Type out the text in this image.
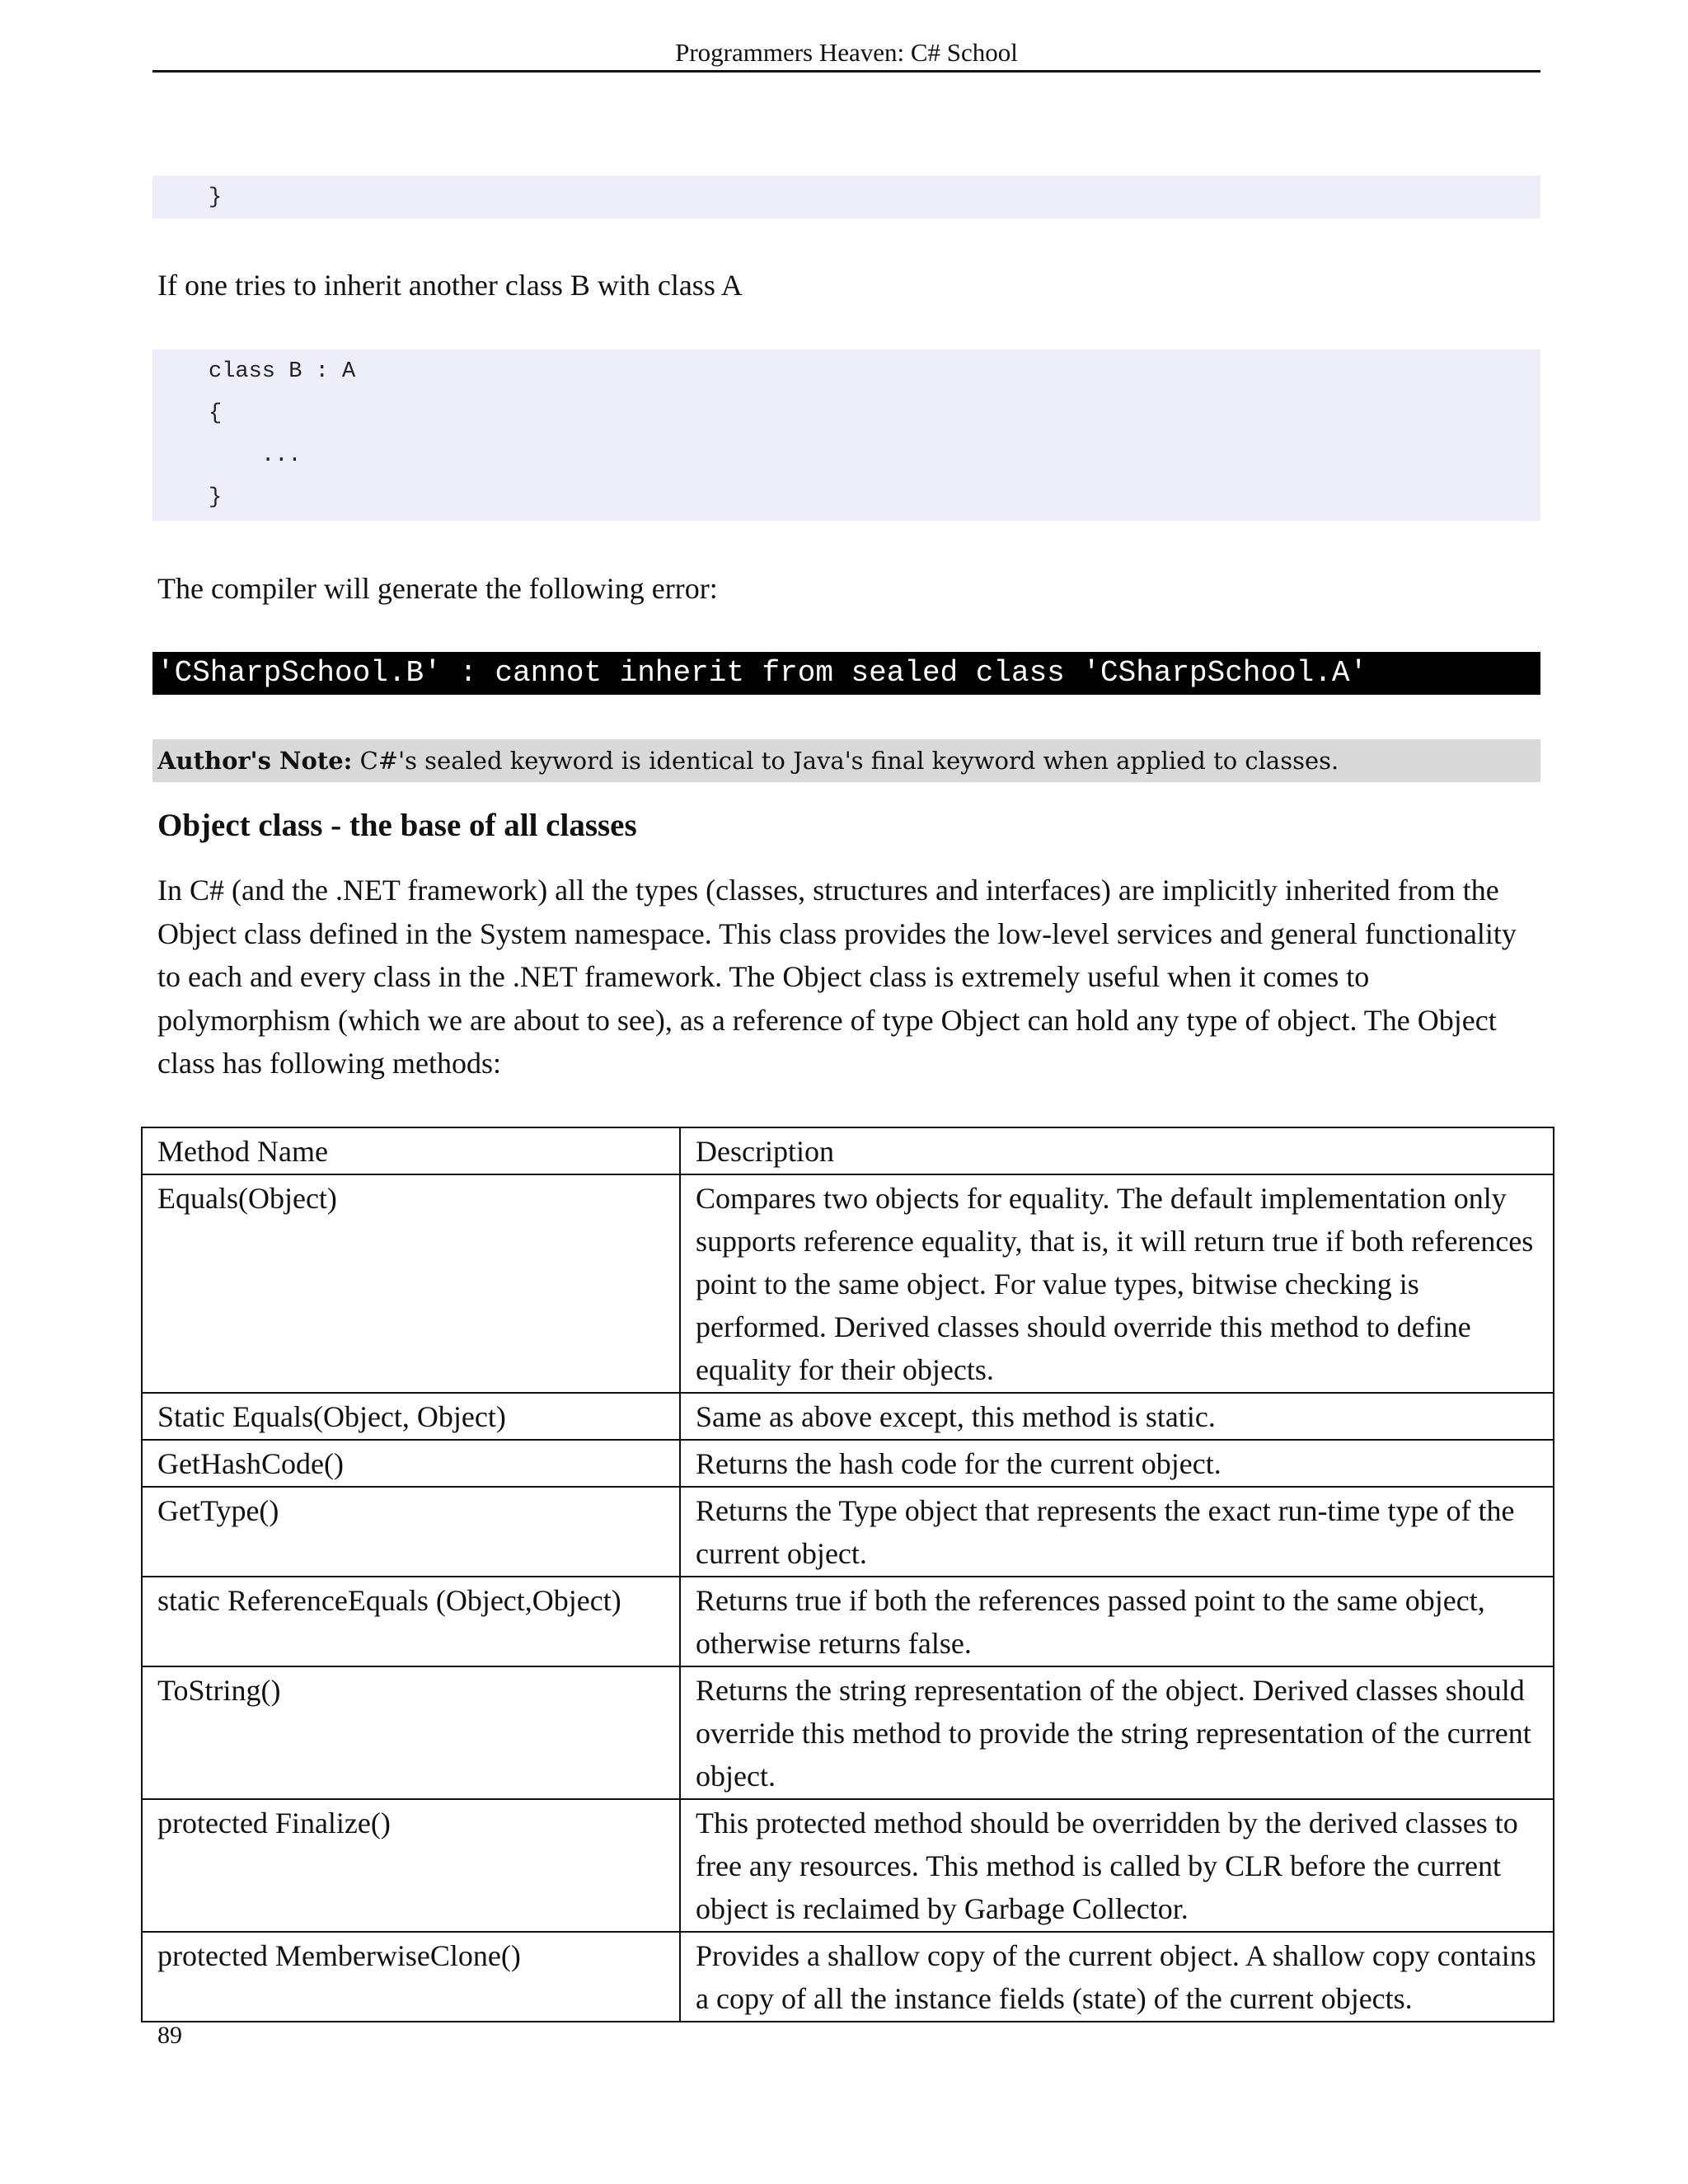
Programmers Heaven: C# School
}
If one tries to inherit another class B with class A
class B : A
{
...
}
The compiler will generate the following error:
'CSharpSchool.B' : cannot inherit from sealed class 'CSharpSchool.A'
Author's Note: C#'s sealed keyword is identical to Java's final keyword when applied to classes.
Object class - the base of all classes
In C# (and the .NET framework) all the types (classes, structures and interfaces) are implicitly inherited from the Object class defined in the System namespace. This class provides the low-level services and general functionality to each and every class in the .NET framework. The Object class is extremely useful when it comes to polymorphism (which we are about to see), as a reference of type Object can hold any type of object. The Object class has following methods:
Method Name	Description
Equals(Object)	Compares two objects for equality. The default implementation only supports reference equality, that is, it will return true if both references point to the same object. For value types, bitwise checking is performed. Derived classes should override this method to define equality for their objects.
Static Equals(Object, Object)	Same as above except, this method is static.
GetHashCode()	Returns the hash code for the current object.
GetType()	Returns the Type object that represents the exact run-time type of the current object.
static ReferenceEquals (Object,Object)	Returns true if both the references passed point to the same object, otherwise returns false.
ToString()	Returns the string representation of the object. Derived classes should override this method to provide the string representation of the current object.
protected Finalize()	This protected method should be overridden by the derived classes to free any resources. This method is called by CLR before the current object is reclaimed by Garbage Collector.
protected MemberwiseClone()	Provides a shallow copy of the current object. A shallow copy contains a copy of all the instance fields (state) of the current objects.
89
